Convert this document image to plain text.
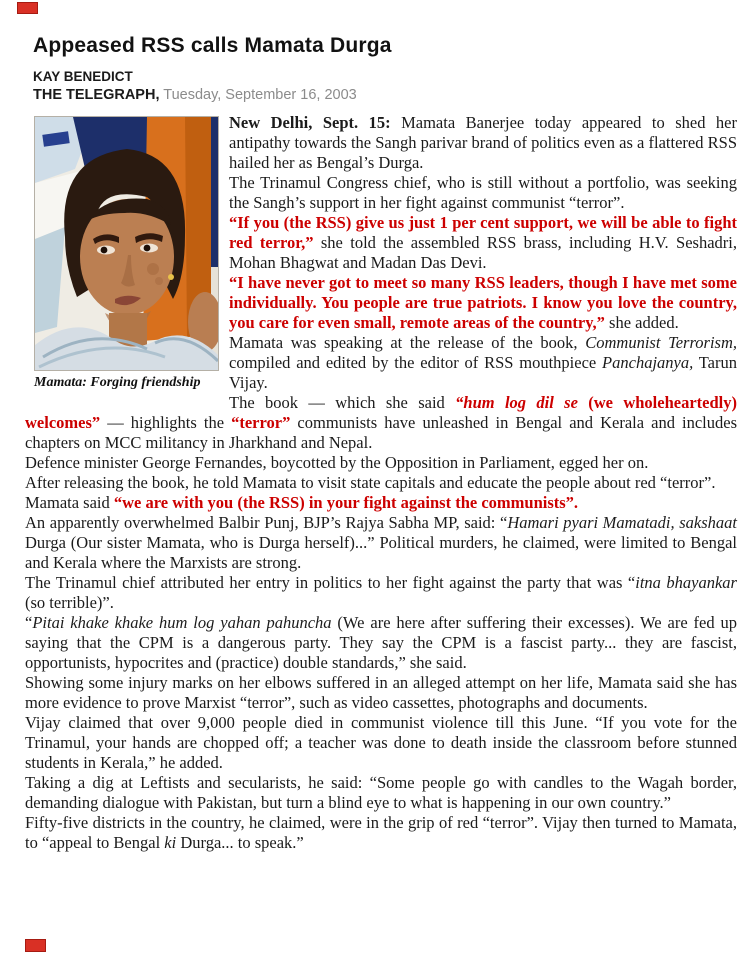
Appeased RSS calls Mamata Durga
KAY BENEDICT
THE TELEGRAPH, Tuesday, September 16, 2003
Mamata: Forging friendship

New Delhi, Sept. 15: Mamata Banerjee today appeared to shed her antipathy towards the Sangh parivar brand of politics even as a flattered RSS hailed her as Bengal’s Durga.

The Trinamul Congress chief, who is still without a portfolio, was seeking the Sangh’s support in her fight against communist “terror”.

“If you (the RSS) give us just 1 per cent support, we will be able to fight red terror,” she told the assembled RSS brass, including H.V. Seshadri, Mohan Bhagwat and Madan Das Devi.

“I have never got to meet so many RSS leaders, though I have met some individually. You people are true patriots. I know you love the country, you care for even small, remote areas of the country,” she added.

Mamata was speaking at the release of the book, Communist Terrorism, compiled and edited by the editor of RSS mouthpiece Panchajanya, Tarun Vijay.

The book — which she said “hum log dil se (we wholeheartedly) welcomes” — highlights the “terror” communists have unleashed in Bengal and Kerala and includes chapters on MCC militancy in Jharkhand and Nepal.

Defence minister George Fernandes, boycotted by the Opposition in Parliament, egged her on.

After releasing the book, he told Mamata to visit state capitals and educate the people about red “terror”.

Mamata said “we are with you (the RSS) in your fight against the communists”.

An apparently overwhelmed Balbir Punj, BJP’s Rajya Sabha MP, said: “Hamari pyari Mamatadi, sakshaat Durga (Our sister Mamata, who is Durga herself)...” Political murders, he claimed, were limited to Bengal and Kerala where the Marxists are strong.

The Trinamul chief attributed her entry in politics to her fight against the party that was “itna bhayankar (so terrible)”.

“Pitai khake khake hum log yahan pahuncha (We are here after suffering their excesses). We are fed up saying that the CPM is a dangerous party. They say the CPM is a fascist party... they are fascist, opportunists, hypocrites and (practice) double standards,” she said.

Showing some injury marks on her elbows suffered in an alleged attempt on her life, Mamata said she has more evidence to prove Marxist “terror”, such as video cassettes, photographs and documents.

Vijay claimed that over 9,000 people died in communist violence till this June. “If you vote for the Trinamul, your hands are chopped off; a teacher was done to death inside the classroom before stunned students in Kerala,” he added.

Taking a dig at Leftists and secularists, he said: “Some people go with candles to the Wagah border, demanding dialogue with Pakistan, but turn a blind eye to what is happening in our own country.”

Fifty-five districts in the country, he claimed, were in the grip of red “terror”. Vijay then turned to Mamata, to “appeal to Bengal ki Durga... to speak.”
